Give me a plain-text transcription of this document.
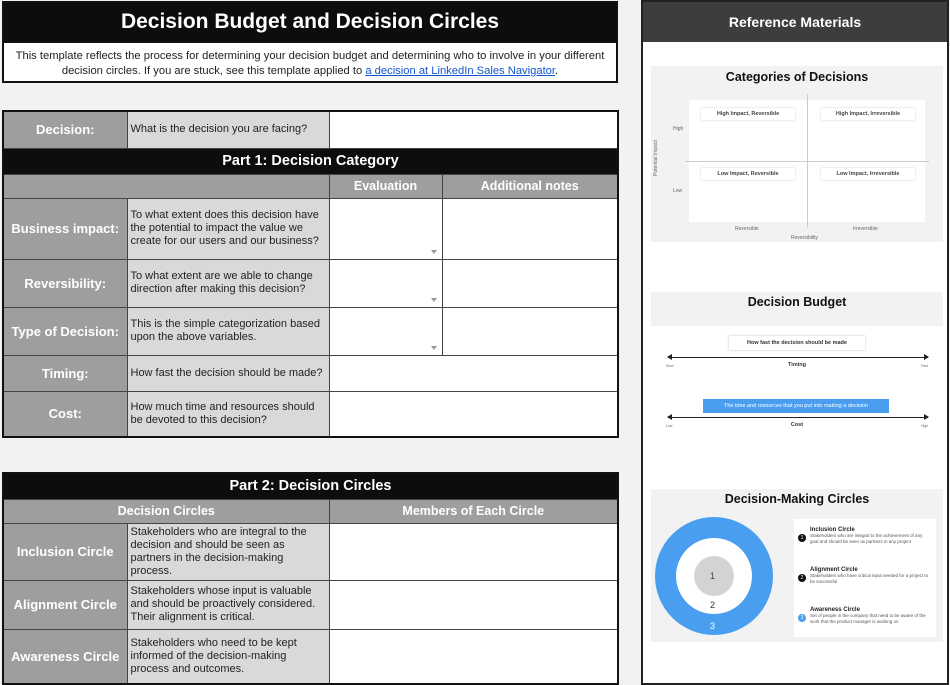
Decision Budget and Decision Circles
This template reflects the process for determining your decision budget and determining who to involve in your different decision circles. If you are stuck, see this template applied to a decision at LinkedIn Sales Navigator.
Decision:	What is the decision you are facing?		
Part 1: Decision Category			
		Evaluation	Additional notes
Business impact:	To what extent does this decision have the potential to impact the value we create for our users and our business?	

Reversibility:	To what extent are we able to change direction after making this decision?	

Type of Decision:	This is the simple categorization based upon the above variables.	

Timing:	How fast the decision should be made?		
Cost:	How much time and resources should be devoted to this decision?		
Part 2: Decision Circles		
Decision Circles		Members of Each Circle
Inclusion Circle	Stakeholders who are integral to the decision and should be seen as partners in the decision-making process.	
Alignment Circle	Stakeholders whose input is valuable and should be proactively considered. Their alignment is critical.	
Awareness Circle	Stakeholders who need to be kept informed of the decision-making process and outcomes.	
Reference Materials
Categories of Decisions
High Impact, Reversible	High Impact, Irreversible
Low Impact, Reversible	Low Impact, Irreversible
Potential Impact
High
Low
Reversible	Irreversible
Reversibility
Decision Budget
How fast the decision should be made
Slow	Timing	Fast
The time and resources that you put into making a decision
Low	Cost	High
Decision-Making Circles
1
2
3
1
Inclusion Circle
Stakeholders who are integral to the achievement of any goal and should be seen as partners in any project
2
Alignment Circle
Stakeholders who have critical input needed for a project to be successful
3
Awareness Circle
Set of people in the company that need to be aware of the work that the product manager is working on
